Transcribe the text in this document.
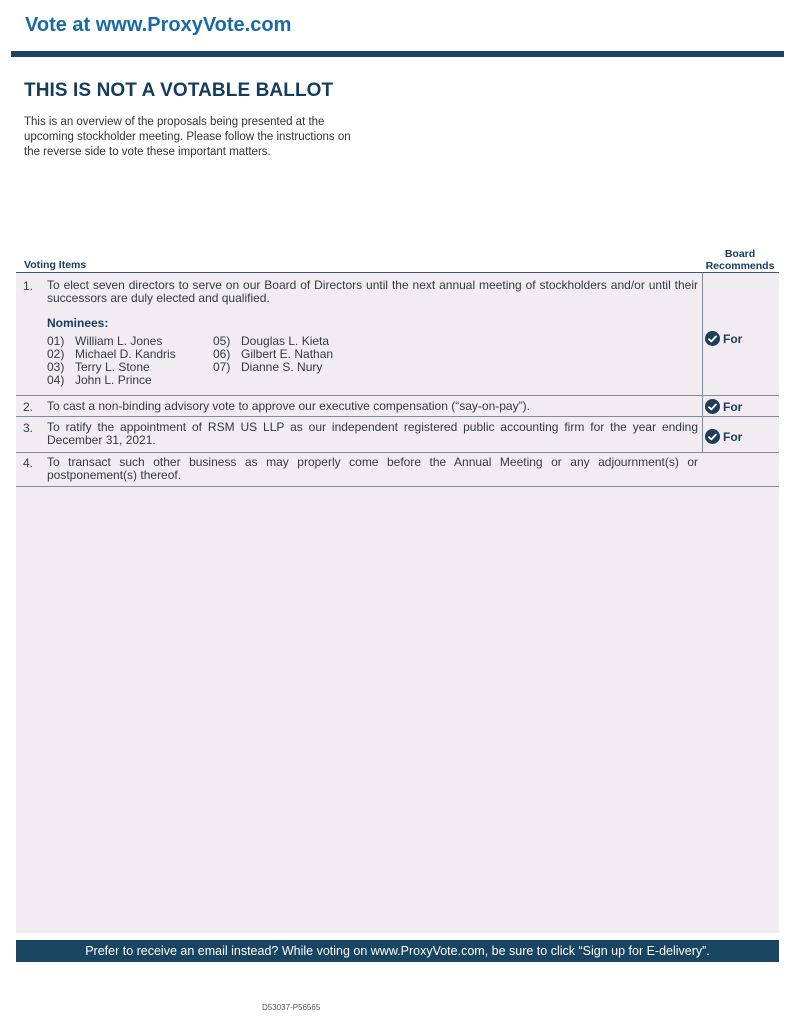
Vote at www.ProxyVote.com
THIS IS NOT A VOTABLE BALLOT
This is an overview of the proposals being presented at the
upcoming stockholder meeting. Please follow the instructions on
the reverse side to vote these important matters.
Voting Items
Board
Recommends
1. To elect seven directors to serve on our Board of Directors until the next annual meeting of stockholders and/or until their successors are duly elected and qualified.
Nominees:
01) William L. Jones
02) Michael D. Kandris
03) Terry L. Stone
04) John L. Prince
05) Douglas L. Kieta
06) Gilbert E. Nathan
07) Dianne S. Nury
For
2. To cast a non-binding advisory vote to approve our executive compensation (“say-on-pay”).	For
3. To ratify the appointment of RSM US LLP as our independent registered public accounting firm for the year ending December 31, 2021.	For
4. To transact such other business as may properly come before the Annual Meeting or any adjournment(s) or postponement(s) thereof.
Prefer to receive an email instead? While voting on www.ProxyVote.com, be sure to click “Sign up for E-delivery”.
D53037-P56565
